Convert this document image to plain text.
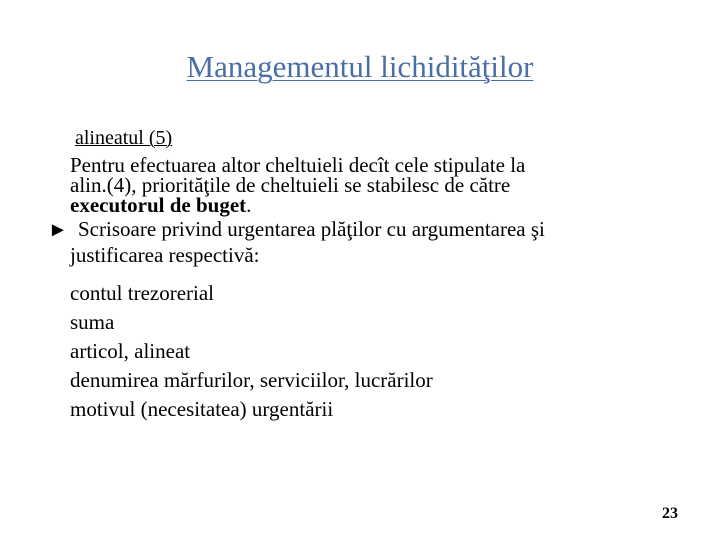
Managementul lichidităţilor
alineatul (5)
Pentru efectuarea altor cheltuieli decît cele stipulate la
alin.(4), priorităţile de cheltuieli se stabilesc de către
executorul de buget.
► Scrisoare privind urgentarea plăţilor cu argumentarea şi
justificarea respectivă:
contul trezorerial
suma
articol, alineat
denumirea mărfurilor, serviciilor, lucrărilor
motivul (necesitatea) urgentării
23
